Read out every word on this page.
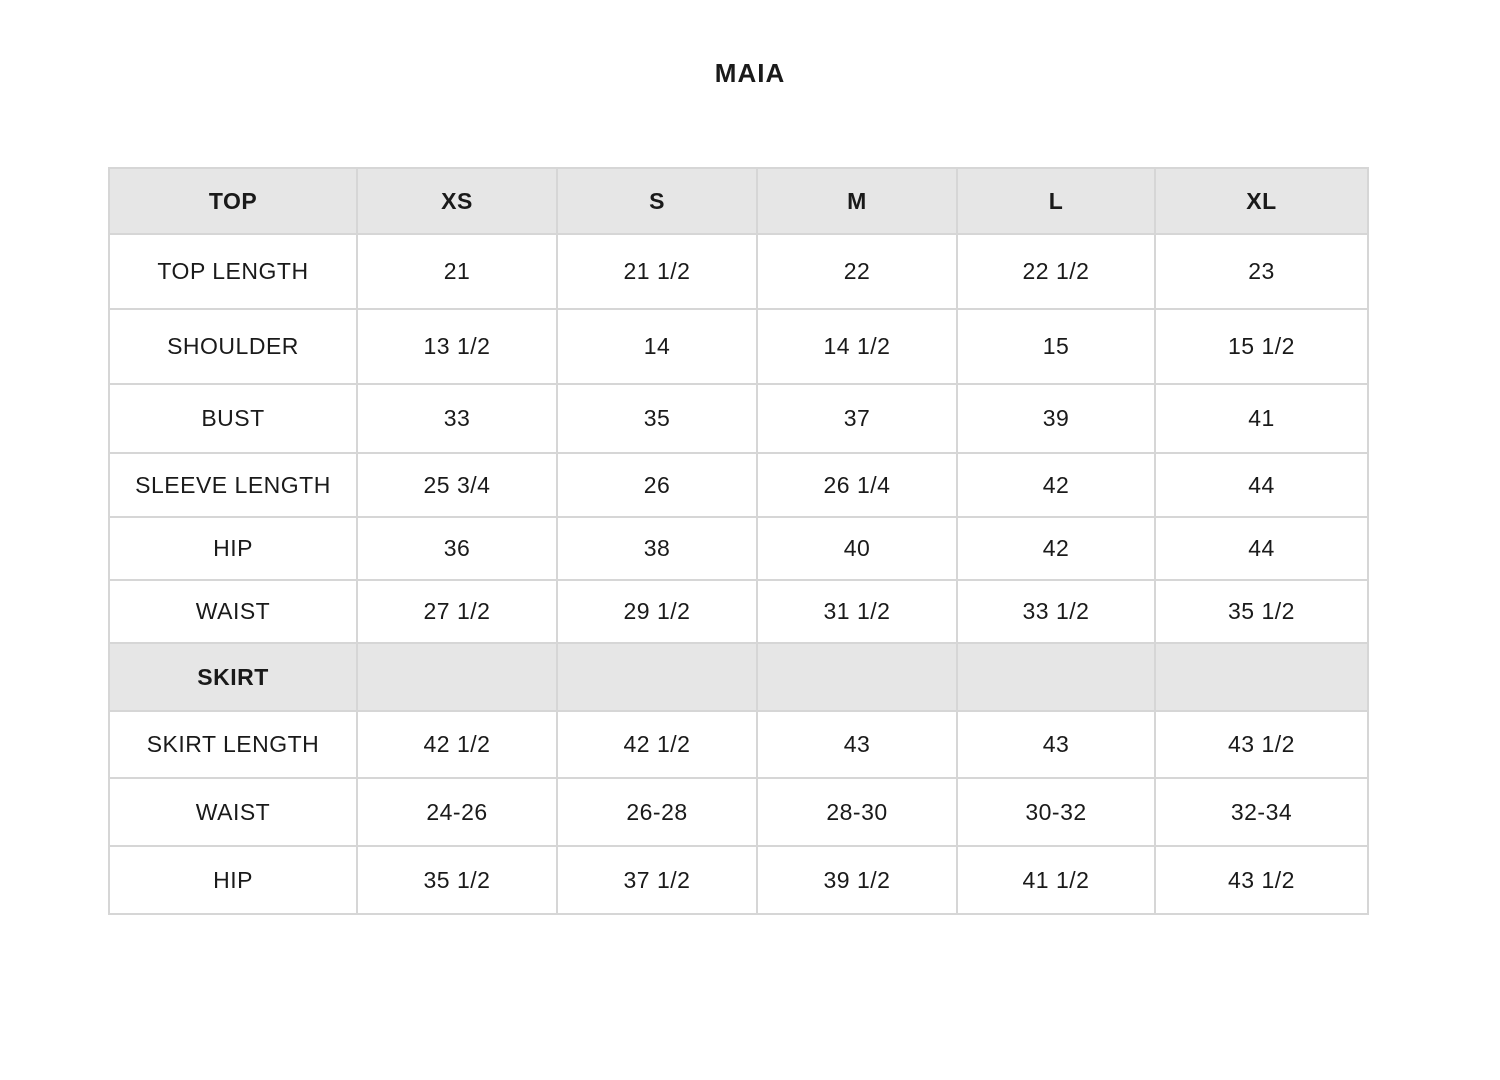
MAIA
TOP	XS	S	M	L	XL
TOP LENGTH	21	21 1/2	22	22 1/2	23
SHOULDER	13 1/2	14	14 1/2	15	15 1/2
BUST	33	35	37	39	41
SLEEVE LENGTH	25 3/4	26	26 1/4	42	44
HIP	36	38	40	42	44
WAIST	27 1/2	29 1/2	31 1/2	33 1/2	35 1/2
SKIRT					
SKIRT LENGTH	42 1/2	42 1/2	43	43	43 1/2
WAIST	24-26	26-28	28-30	30-32	32-34
HIP	35 1/2	37 1/2	39 1/2	41 1/2	43 1/2
